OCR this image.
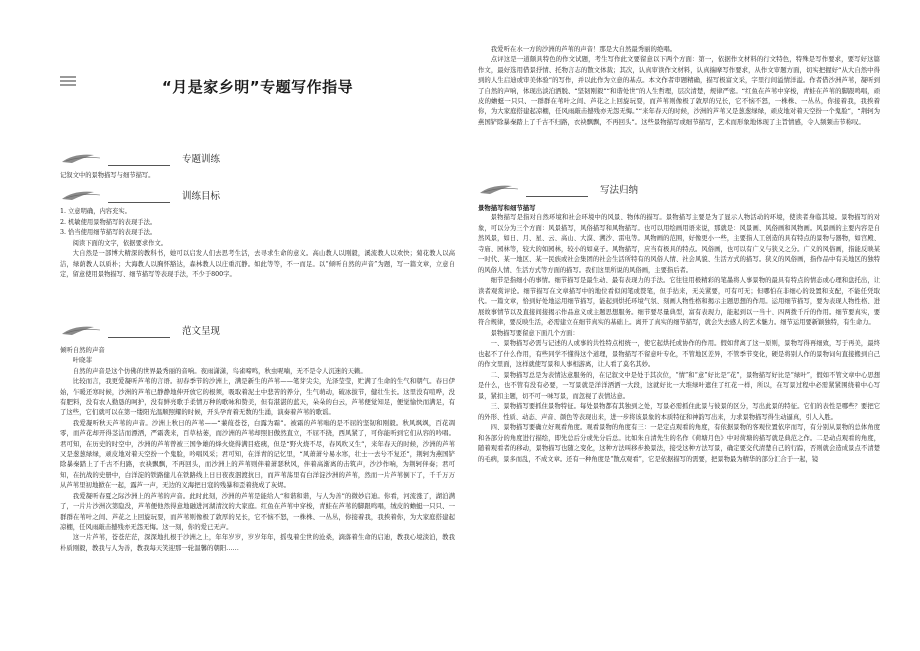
“月是家乡明”专题写作指导
专题训练
记叙文中的景物描写与细节描写。
训练目标
1. 立意明确，内容充实。
2. 机敏使用景物描写的表现手法。
3. 恰当使用细节描写的表现手法。
阅读下面的文字，依据要求作文。
大自然是一部博大精深的教科书，她可以启发人们去思考生活，去寻求生命的意义。高山教人以刚毅，溪流教人以欢快；菊花教人以高洁，绿荫教人以质朴；大海教人以胸怀豁达，森林教人以庄重沉静。如此等等，不一而足。以“倾听自然的声音”为题，写一篇文章，立意自定，留意使用景物描写、细节描写等表现手法，不少于800字。
范文呈现
倾听自然的声音
叶晓菲
自然的声音是这个仿佛的世界最秀丽的音响。夜雨潇潇，鸟雀啼鸣，秋虫呢喃，无不是令人沉迷的天籁。
比较而言，我更爱凝听芦苇的言语。初春季节的沙洲上，满是新生的芦苇——笔芽尖尖，光泽莹莹，贮满了生命的生气和朝气。春日伊始，乍暖还寒时候，沙洲的芦苇已静静地伸开放它的根须，吸取着泥土中悲苦的养分，生气萌动，破冰拔节，健壮生长。这里没有喧哗，没有肥料，没有农人勤恳的呵护，没有鲜亮歌手柔情万种的歌咏和赞美，但有湛湛的蓝天，朵朵的白云，芦苇便觉知足，便觉愉快而满足，有了这些，它们就可以在第一缕阳光温顺照耀的时候，开头孕育着无数的生涌，演奏着芦苇的歌谣。
我爱凝听秋天芦苇的声音。沙洲上秋日的芦苇——“蒹葭苍苍，白露为霜”。被霜的芦苇嗡的是不屈的坚韧和刚毅。秋风飒飒，百花凋零，而芦花却开得茎洁而漂洒，严霜袭来，百草枯萎，而沙洲的芦苇却照旧傲然直立，不屈不挠，西风紧了，可你能听到它们从容的吟唱。君可知，在历史的时空中，沙洲的芦苇曾被三国争雄的烽火烧得满目疮痍，但是“野火烧不尽，春风吹又生”，来年春天的时候，沙洲的芦苇又是葱葱绿绿，顽皮地对着天空扮一个鬼脸，吟唱风采；君可知，在洋青的记忆里，“风萧萧兮易水寒，壮士一去兮不复还”，荆轲为燕国铲除暴秦踏上了千古不归路，衣袂飘飘，不再回头，而沙洲上的芦苇则伴着萧瑟秋风，伴着高渐离的击筑声，沙沙作响，为荆轲伴奏；君可知，在抗战的史册中，白洋淀的铁路健儿在铁路线上日日夜夜泅渡抗日，而芦苇荡里有白洋淀沙洲的芦苇，然而一片芦苇倒下了，千千万万从芦苇里初地掀在一起，露芦一声，无边的义海把日寇的残暴和歪着挠成了灰烬。
我爱凝听春夏之际沙洲上的芦苇的声音。此时此刻，沙洲的芦苇是能给人“和谐和谐，与人为善”的微妙启迪。你看，河流涨了，湖泊满了，一片片沙洲次第隐没，芦苇便他然得意地融进河湖清汶的大家庭。红鱼在芦苇中穿梭，青蛙在芦苇的脚跟鸣唱，绒皮的蟾蜓一只只、一群群在苇叶之间、芦花之上回旋玩耍，而芦苇则像极了敦厚的兄长，它不恼不怒，一株株、一丛丛，你接着我，我挨着你，为大家庭搭建起凉棚，任风雨敲击撼残亦无怨无悔。这一刻，你的爱已无声。
这一片芦苇，苍苍茫茫，深深地扎根于沙洲之上，年年岁岁，岁岁年年，摇曳着尘世的沧桑，滴落着生命的启迪，教我心境淡泊，教我朴质刚毅，教我与人为善，教我每天笑迎那一轮温馨的朝阳……
我爱听在水一方的沙洲的芦苇的声音！那是大自然最秀丽的绝唱。
点评这是一道颇具特色的作文试题，考生写作此文要留意以下两个方面：第一，依据作文材料的行文特色，特殊是写作要求，要写好这篇作文，最好选用借景抒情、托物言志的散文体裁；其次，认真审读作文材料，认真揣摩写作要求，从作文审题方面，切实把握好“从大自然中得到的人生启迪或审美体验”的写作，并以此作为立意的基点。本文作者审题精确，描写极富文采，字里行间溢情洋溢。作者借沙洲芦苇，凝听到了自然的声响，体现出淡泊洒脱、“坚韧刚毅”“和谐处世”的人生哲理，层次清楚，规律严密。“红鱼在芦苇中穿梭，青蛙在芦苇的脚跟鸣唱，顽皮的蟾蜓一只只、一群群在苇叶之间、芦花之上回旋玩耍，而芦苇则像极了敦厚的兄长，它不恼不怒，一株株、一丛丛，你接着我，我挨着你，为大家庭搭建起凉棚，任风雨敲击撼残亦无怨无悔。”“来年春天的时候，沙洲的芦苇又是葱葱绿绿，顽皮地对着天空扮一个鬼脸”，“荆轲为燕国铲除暴秦踏上了千古不归路，衣袂飘飘，不再回头”。这些景物描写或细节描写，艺术而形象地体现了主旨情感，令人频频击节称叹。
写法归纳
景物描写和细节描写
景物描写是指对自然环境和社会环境中的风景、物体的描写。景物描写主要是为了显示人物活动的环境，使读者身临其境。景物描写的对象，可以分为三个方面：风景描写，风俗描写和风物描写。也可以用绘画用语来说，那就是：风景画、风俗画和风物画。风景画的主要内容是自然风景，如日、月、星、云、高山、大漠、溯沙、雷电等。风物画的范围，好像更小一些，主要指人工创造的具有特点的景物与器物，如宫殿、寺庙、园林等，较大的如园林，较小的如桌子。风物描写，应当有极具的特点。风俗画，也可以有广义与狭义之分。广义的风俗画，指能反映某一时代、某一地区、某一民族或社会集团的社会生活所特有的风俗人情、社会风貌、生活方式的描写。狭义的风俗画，指作品中有关地区的独特的风俗人情、生活方式等方面的描写。我们这里所说的风俗画，主要指后者。
细节是指细小的事情。细节描写是最生动、最有表现力的手法。它往往用极精彩的笔墨将人事景物的最具有特点的情态或心理和盘托出，让读者观赏评论。细节描写在文章描写中的地位看似闲笔或赘笔，但手拈来，无关紧要，可有可无；但哪怕在非细心的设置和支配，不能任凭取代。一篇文章，恰到好处地运用细节描写，能起到烘托环境气氛、刻画人物性格和揭示主题思想的作用。运用细节描写，要为表现人物性格、进展故事情节以及直接间接揭示作品意义或主题思想服务。细节要尽量典型，富有表现力，能起到以一当十、四两拨千斤的作用。细节要真实，要符合规律，要反映生活，必需建立在细节真实的基础上。离开了真实的细节描写，就会失去感人的艺术魅力。细节运用要新颖独特，有生命力。
景物描写要留意下面几个方面：
一、景物描写必需与记述的人或事的共性特点相统一，使它起烘托或协作的作用。假如背离了这一原则，景物写得再细致，写于再美，最终也起不了什么作用，有些同学不懂得这个道理，景物描写不留意叶专化，不管地区差异，不管季节变化，硬是将别人作的景物词句直接搬到自己的作文里面，这样就使写景和人事相游离，让人看了莫名其妙。
二、景物描写总是为表情达意服务的，在记叙文中是处于其次位，“情”和“意”好比是“花”，景物描写好比是“绿叶”，假如不管文章中心思想是什么，也不管有没有必要，一写景就是洋洋洒洒一大段，这就好比一大堆绿叶遮住了红花一样，所以，在写景过程中必需紧紧围绕着中心写景，紧扣主题，切不可一味写景，而忽视了表情达意。
三、景物描写要抓住景物特征。每处景物都有其独到之处，写景必需抓住此景与彼景的区分，写出此景的特征。它们的表性是哪些？要把它的外形、性质、动态、声音、颜色等表现出来，进一步将该景象的本质特征和神韵写出来，力求景物描写得生动逼真，引人入胜。
四、景物描写要确立好观看角度。观看景物的角度有三：一是定点观看的角度，有依据景物的客观位置依序而写，有分别从景物的总体角度和各部分的角度进行描绘，即先总后分或先分后总。比如朱自清先生的名作《荷塘月色》中对荷塘的描写就是典范之作。二是动点观看的角度，随着观看者的移动，景物描写也随之变化，这种方法叫移步换景法，接受这种方法写景，确定要交代清楚自己的行踪，否则就会造成景点不清楚的毛病，景多而乱，不成文章。还有一种角度是“散点观看”，它是依据描写的需要，把景物最为精华的部分汇合于一起，镜
